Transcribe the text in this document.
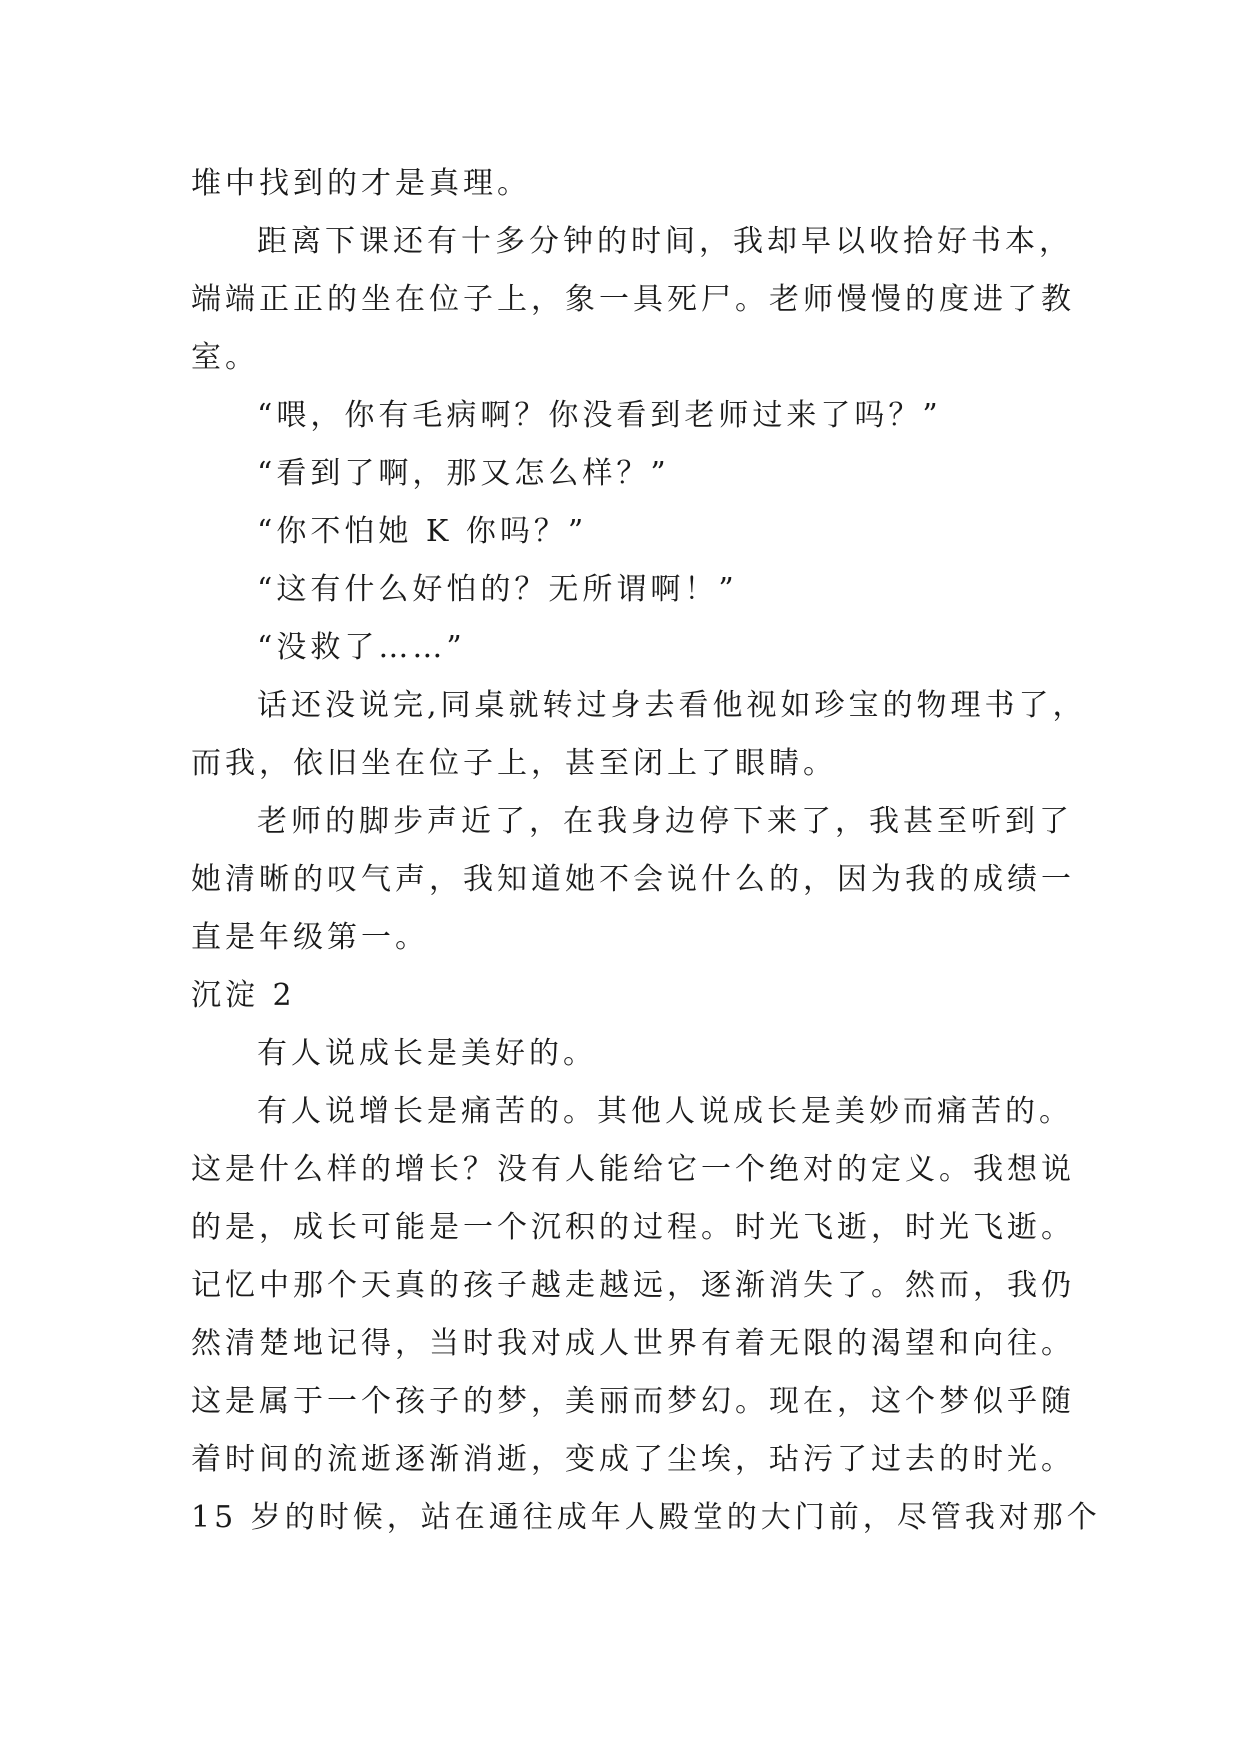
堆中找到的才是真理。
距离下课还有十多分钟的时间，我却早以收拾好书本，
端端正正的坐在位子上，象一具死尸。老师慢慢的度进了教
室。
“喂，你有毛病啊？你没看到老师过来了吗？”
“看到了啊，那又怎么样？”
“你不怕她 K 你吗？”
“这有什么好怕的？无所谓啊！”
“没救了……”
话还没说完,同桌就转过身去看他视如珍宝的物理书了，
而我，依旧坐在位子上，甚至闭上了眼睛。
老师的脚步声近了，在我身边停下来了，我甚至听到了
她清晰的叹气声，我知道她不会说什么的，因为我的成绩一
直是年级第一。
沉淀 2
有人说成长是美好的。
有人说增长是痛苦的。其他人说成长是美妙而痛苦的。
这是什么样的增长？没有人能给它一个绝对的定义。我想说
的是，成长可能是一个沉积的过程。时光飞逝，时光飞逝。
记忆中那个天真的孩子越走越远，逐渐消失了。然而，我仍
然清楚地记得，当时我对成人世界有着无限的渴望和向往。
这是属于一个孩子的梦，美丽而梦幻。现在，这个梦似乎随
着时间的流逝逐渐消逝，变成了尘埃，玷污了过去的时光。
15 岁的时候，站在通往成年人殿堂的大门前，尽管我对那个
